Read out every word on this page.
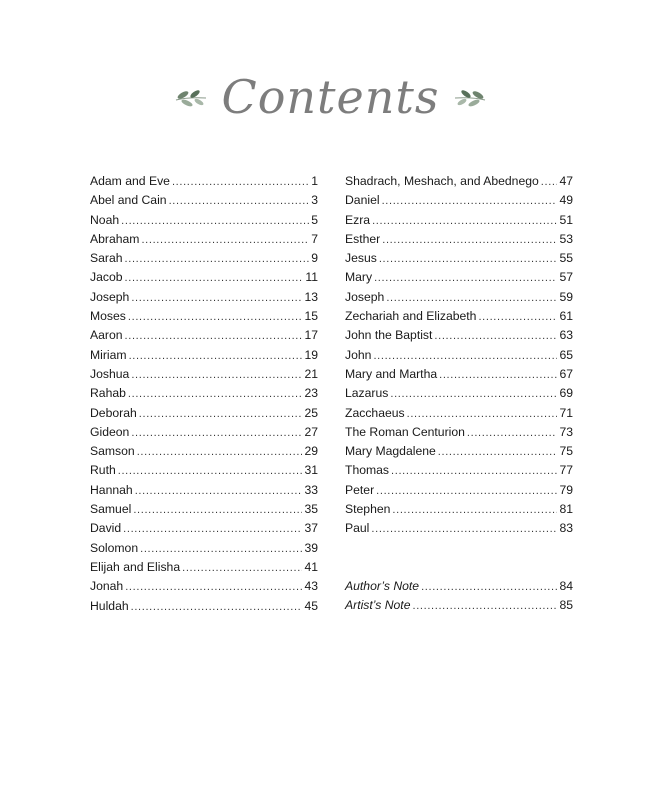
Contents
Adam and Eve . . .	1
Abel and Cain . . .	3
Noah . . .	5
Abraham . . .	7
Sarah . . .	9
Jacob . . .	11
Joseph . . .	13
Moses . . .	15
Aaron . . .	17
Miriam . . .	19
Joshua . . .	21
Rahab . . .	23
Deborah . . .	25
Gideon . . .	27
Samson . . .	29
Ruth . . .	31
Hannah . . .	33
Samuel . . .	35
David . . .	37
Solomon . . .	39
Elijah and Elisha . . .	41
Jonah . . .	43
Huldah . . .	45
Shadrach, Meshach, and Abednego . . . 47
Daniel . . .	49
Ezra . . .	51
Esther . . .	53
Jesus . . .	55
Mary . . .	57
Joseph . . .	59
Zechariah and Elizabeth . . .	61
John the Baptist . . .	63
John . . .	65
Mary and Martha . . .	67
Lazarus . . .	69
Zacchaeus . . .	71
The Roman Centurion . . .	73
Mary Magdalene . . .	75
Thomas . . .	77
Peter . . .	79
Stephen . . .	81
Paul . . .	83
Author’s Note . . .	84
Artist’s Note . . .	85
